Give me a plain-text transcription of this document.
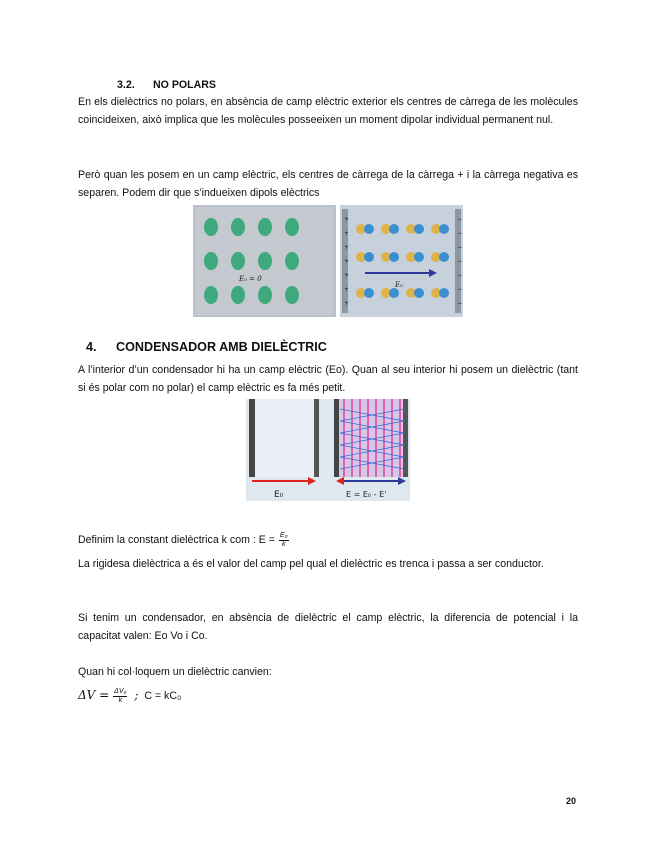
3.2. NO POLARS

En els dielèctrics no polars, en absència de camp elèctric exterior els centres de càrrega de les molècules coincideixen, això implica que les molècules posseeixen un moment dipolar individual permanent nul.

Però quan les posem en un camp elèctric, els centres de càrrega de la càrrega + i la càrrega negativa es separen. Podem dir que s’indueixen dipols elèctrics

E₀ = 0
+
+
+
+
+
+
+
−
−
−
−
−
−
−
E₀
4. CONDENSADOR AMB DIELÈCTRIC

A l’interior d’un condensador hi ha un camp elèctric (Eo). Quan al seu interior hi posem un dielèctric (tant si és polar com no polar) el camp elèctric es fa més petit.

E₀	E = E₀ - E’

Definim la constant dielèctrica k com : $E = \frac{\text{E₀}}{k}$

La rigidesa dielèctrica a és el valor del camp pel qual el dielèctric es trenca i passa a ser conductor.

Si tenim un condensador, en absència de dielèctric el camp elèctric, la diferencia de potencial i la capacitat valen: Eo Vo i Co.

Quan hi col·loquem un dielèctric canvien:

$\Delta V = \frac{\text{ΔV₀}}{k}$ ; C = kC₀

20
